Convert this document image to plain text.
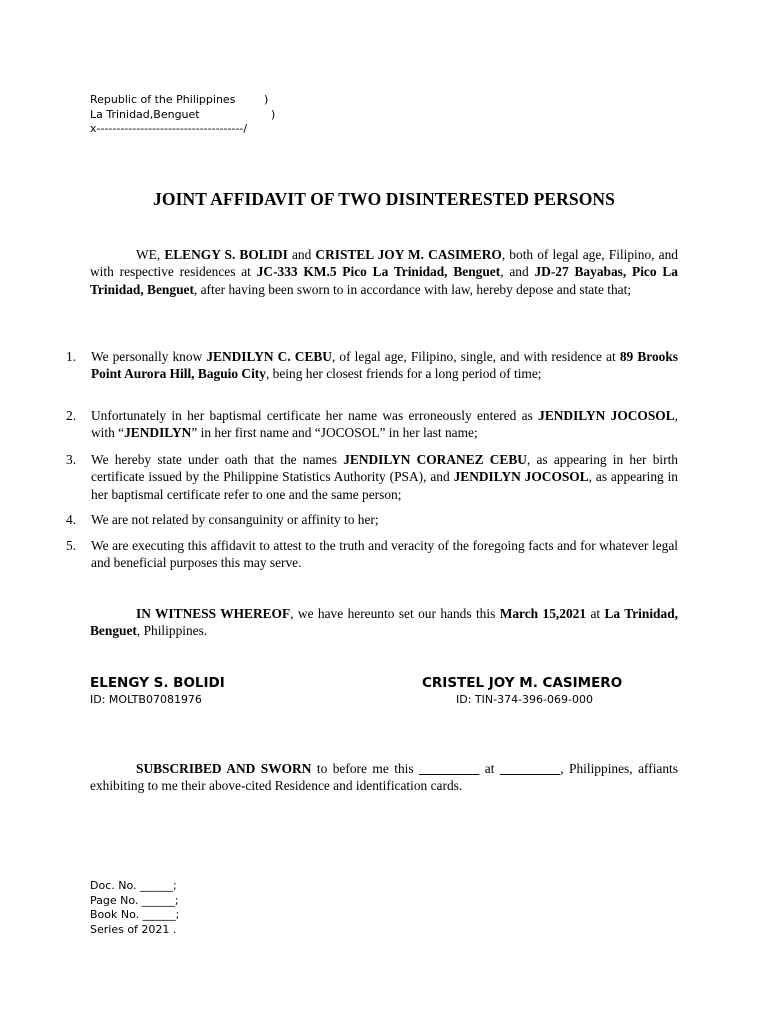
Republic of the Philippines	)
La Trinidad,Benguet	)
x-------------------------------------/
JOINT AFFIDAVIT OF TWO DISINTERESTED PERSONS

WE, ELENGY S. BOLIDI and CRISTEL JOY M. CASIMERO, both of legal age, Filipino, and with respective residences at JC-333 KM.5 Pico La Trinidad, Benguet, and JD-27 Bayabas, Pico La Trinidad, Benguet, after having been sworn to in accordance with law, hereby depose and state that;

1. We personally know JENDILYN C. CEBU, of legal age, Filipino, single, and with residence at 89 Brooks Point Aurora Hill, Baguio City, being her closest friends for a long period of time;
2. Unfortunately in her baptismal certificate her name was erroneously entered as JENDILYN JOCOSOL, with “JENDILYN” in her first name and “JOCOSOL” in her last name;
3. We hereby state under oath that the names JENDILYN CORANEZ CEBU, as appearing in her birth certificate issued by the Philippine Statistics Authority (PSA), and JENDILYN JOCOSOL, as appearing in her baptismal certificate refer to one and the same person;
4. We are not related by consanguinity or affinity to her;
5. We are executing this affidavit to attest to the truth and veracity of the foregoing facts and for whatever legal and beneficial purposes this may serve.

IN WITNESS WHEREOF, we have hereunto set our hands this March 15,2021 at La Trinidad, Benguet, Philippines.

ELENGY S. BOLIDI
ID: MOLTB07081976
CRISTEL JOY M. CASIMERO
ID: TIN-374-396-069-000

SUBSCRIBED AND SWORN to before me this _________ at _________, Philippines, affiants exhibiting to me their above-cited Residence and identification cards.

Doc. No. ______;
Page No. ______;
Book No. ______;
Series of 2021 .
